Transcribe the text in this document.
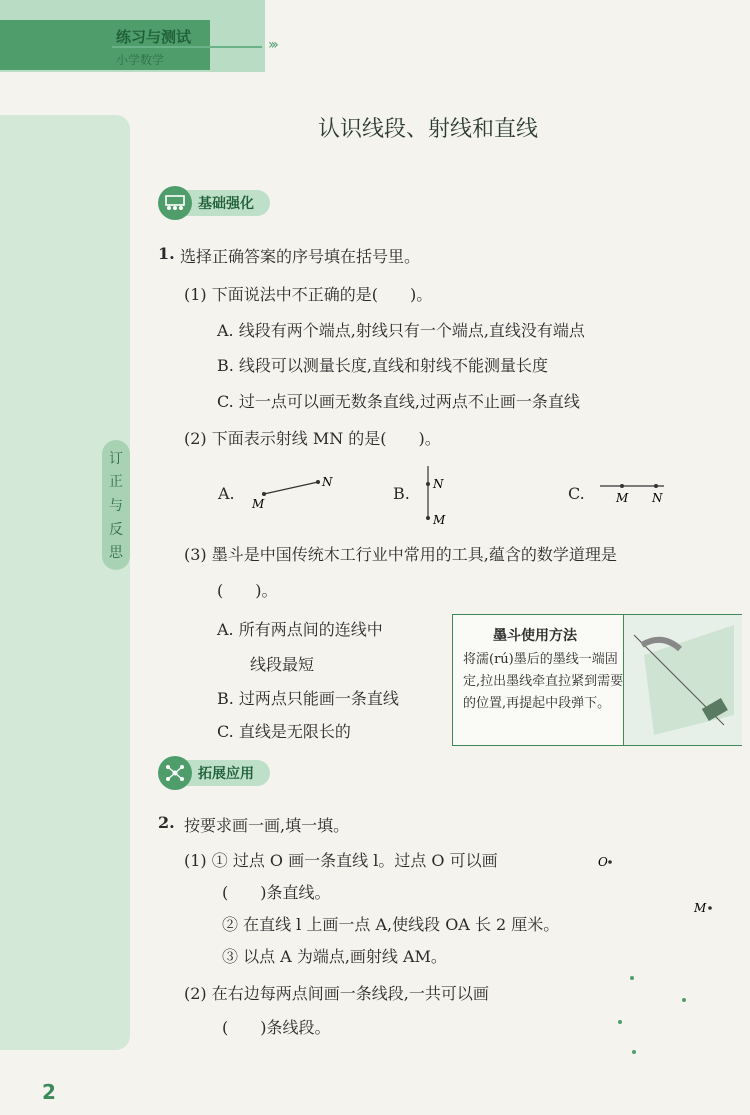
练习与测试
小学数学
›››
订
正
与
反
思
认识线段、射线和直线
基础强化
1. 选择正确答案的序号填在括号里。
(1) 下面说法中不正确的是(　　)。
A. 线段有两个端点,射线只有一个端点,直线没有端点
B. 线段可以测量长度,直线和射线不能测量长度
C. 过一点可以画无数条直线,过两点不止画一条直线
(2) 下面表示射线 MN 的是(　　)。
A.
M
N
B. N
M
C.	M N
(3) 墨斗是中国传统木工行业中常用的工具,蕴含的数学道理是
(　　)。
A. 所有两点间的连线中
线段最短
B. 过两点只能画一条直线
C. 直线是无限长的
墨斗使用方法
将濡(rú)墨后的墨线一端固定,拉出墨线牵直拉紧到需要的位置,再提起中段弹下。
拓展应用
2. 按要求画一画,填一填。
(1) ① 过点 O 画一条直线 l。过点 O 可以画
(　　)条直线。
② 在直线 l 上画一点 A,使线段 OA 长 2 厘米。
③ 以点 A 为端点,画射线 AM。
(2) 在右边每两点间画一条线段,一共可以画
(　　)条线段。
O
M
2
